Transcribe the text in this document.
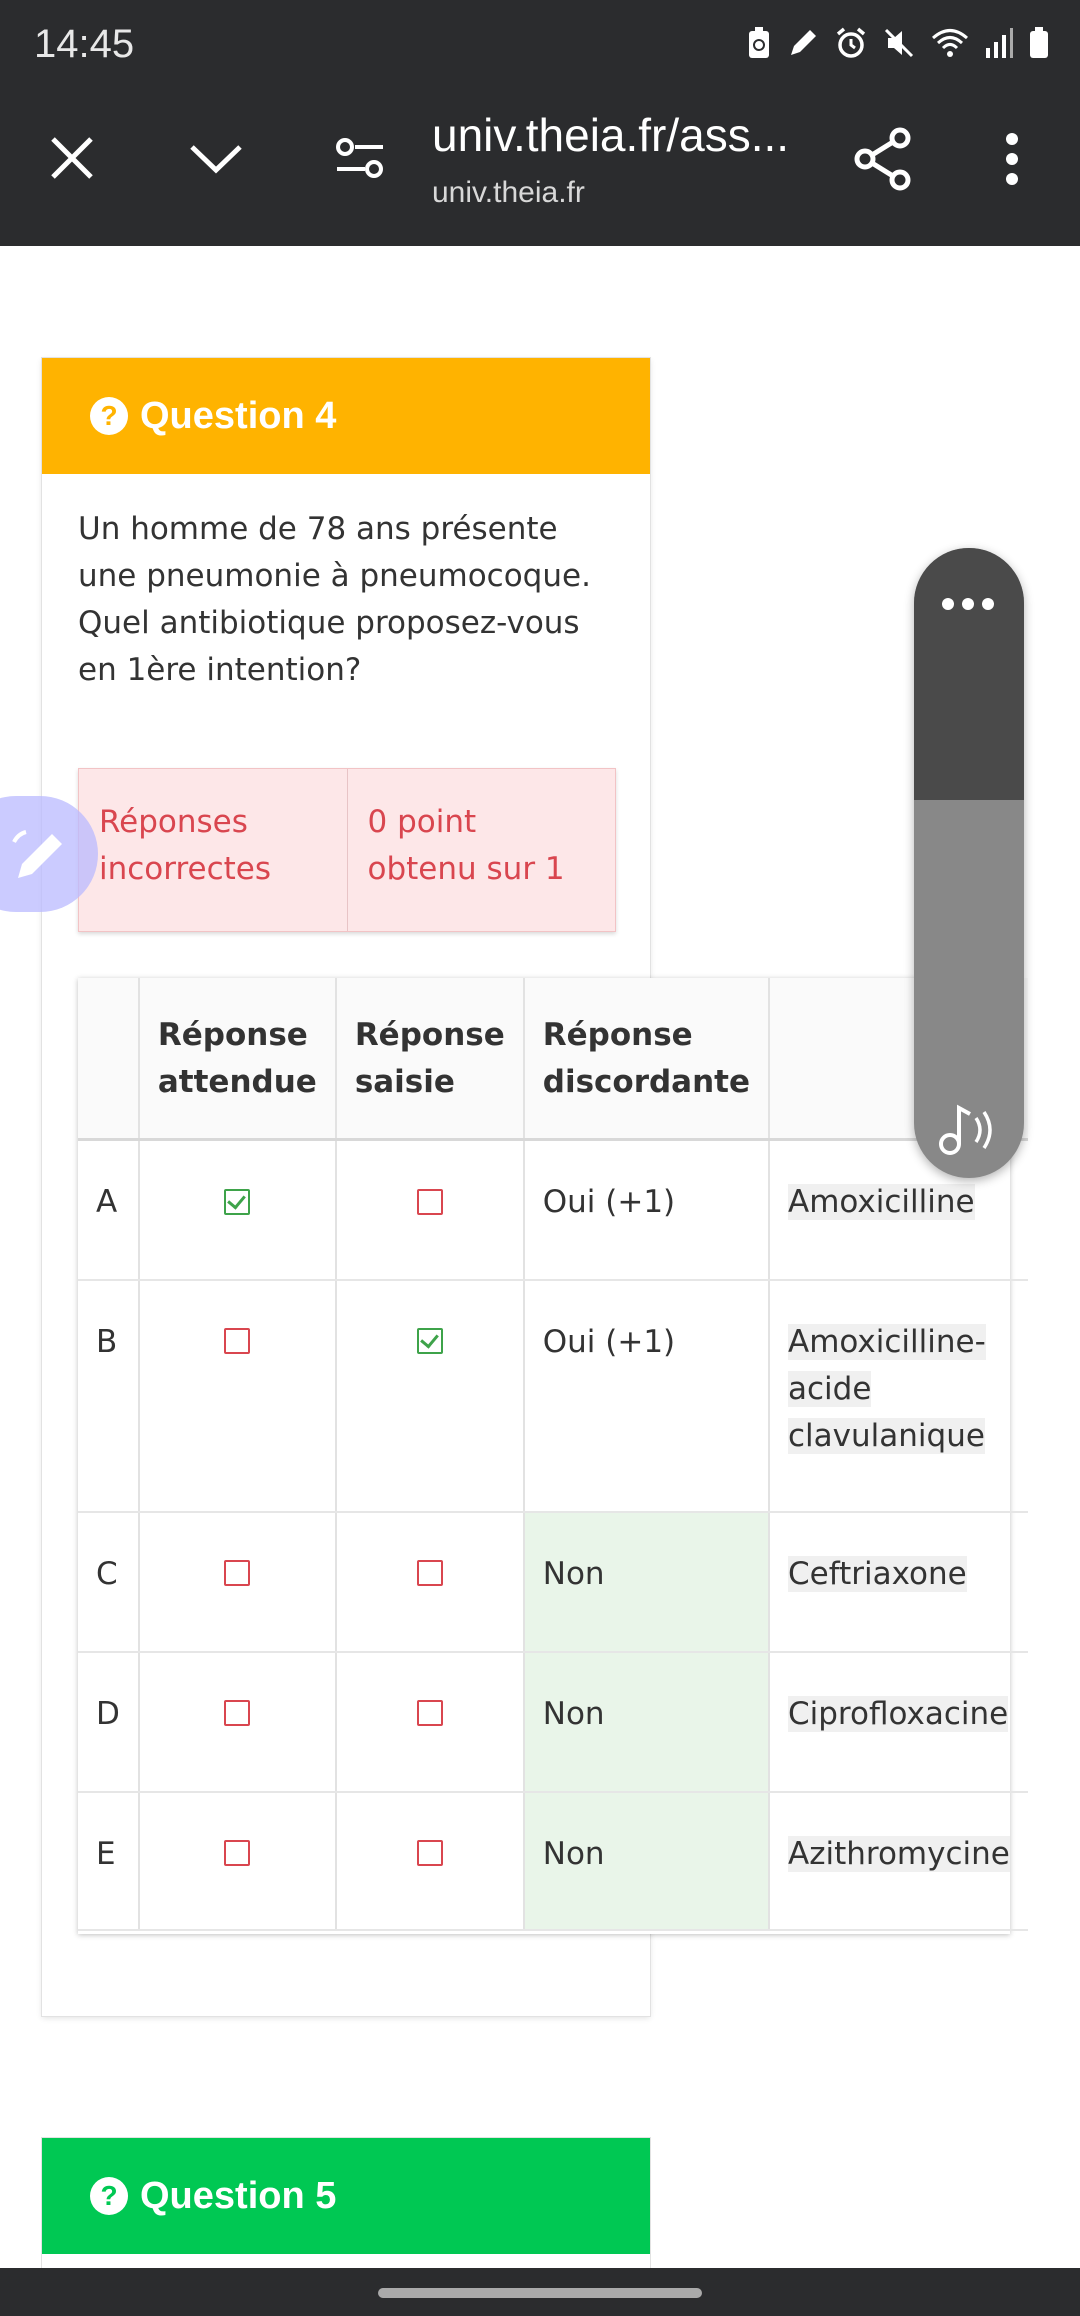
14:45
univ.theia.fr/ass...
univ.theia.fr
? Question 4
Un homme de 78 ans présente une pneumonie à pneumocoque. Quel antibiotique proposez-vous en 1ère intention?
Réponses incorrectes
0 point obtenu sur 1
	Réponse attendue	Réponse saisie	Réponse discordante	
A			Oui (+1)	Amoxicilline
B			Oui (+1)	Amoxicilline-acide clavulanique
C			Non	Ceftriaxone
D			Non	Ciprofloxacine
E			Non	Azithromycine
? Question 5
